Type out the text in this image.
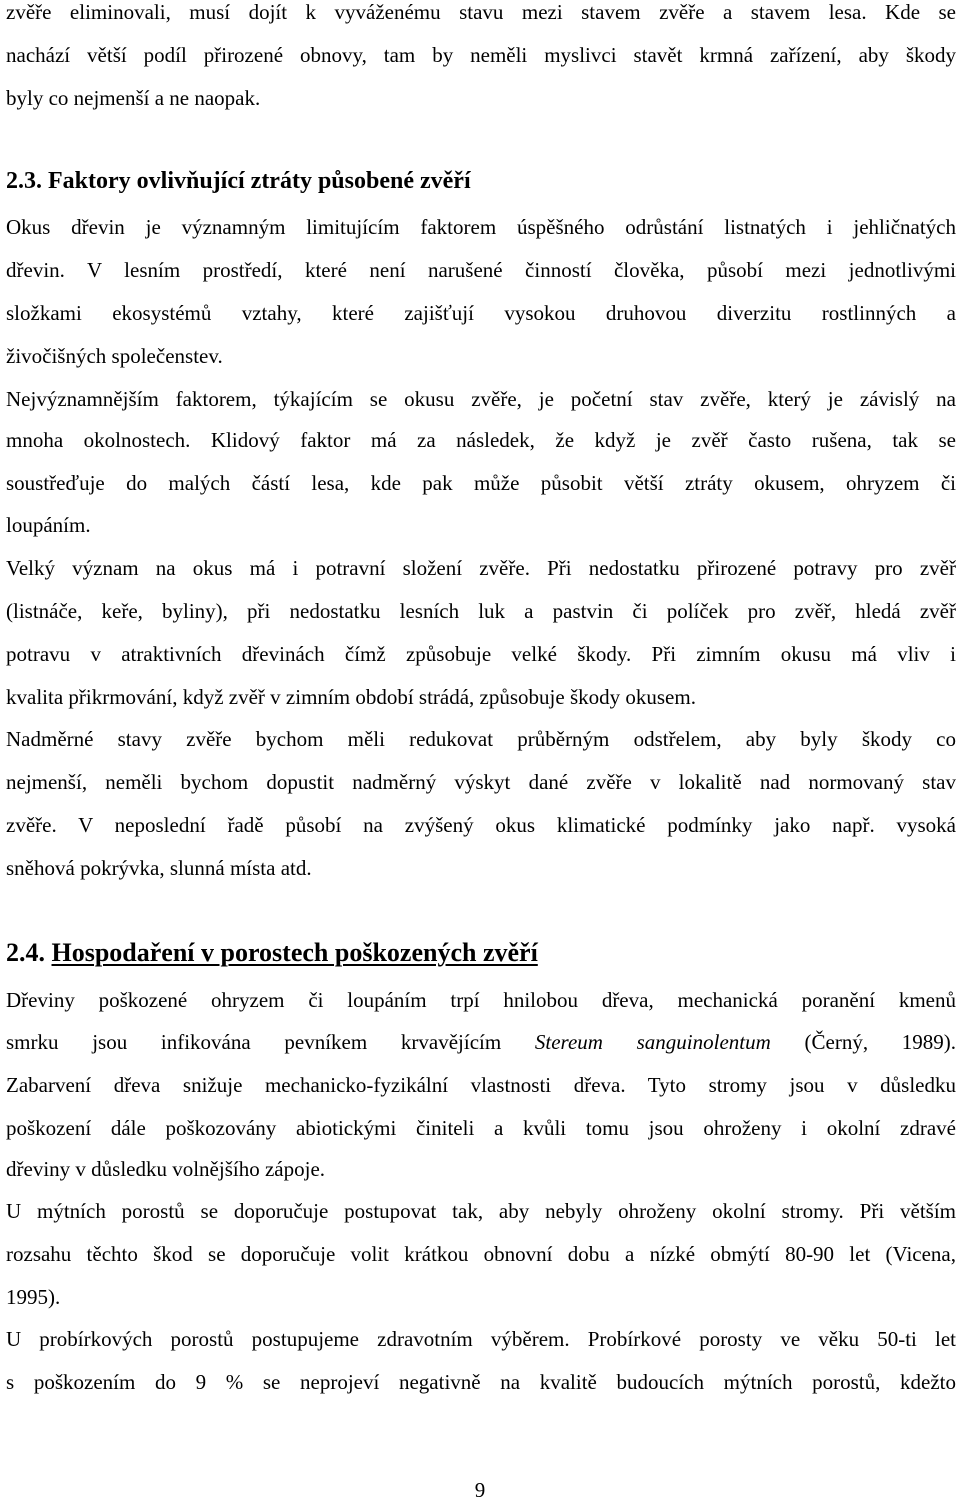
zvěře eliminovali, musí dojít k vyváženému stavu mezi stavem zvěře a stavem lesa. Kde se
nachází větší podíl přirozené obnovy, tam by neměli myslivci stavět krmná zařízení, aby škody
byly co nejmenší a ne naopak.
2.3. Faktory ovlivňující ztráty působené zvěří
Okus dřevin je významným limitujícím faktorem úspěšného odrůstání listnatých i jehličnatých
dřevin. V lesním prostředí, které není narušené činností člověka, působí mezi jednotlivými
složkami ekosystémů vztahy, které zajišťují vysokou druhovou diverzitu rostlinných a
živočišných společenstev.
Nejvýznamnějším faktorem, týkajícím se okusu zvěře, je početní stav zvěře, který je závislý na
mnoha okolnostech. Klidový faktor má za následek, že když je zvěř často rušena, tak se
soustřeďuje do malých částí lesa, kde pak může působit větší ztráty okusem, ohryzem či
loupáním.
Velký význam na okus má i potravní složení zvěře. Při nedostatku přirozené potravy pro zvěř
(listnáče, keře, byliny), při nedostatku lesních luk a pastvin či políček pro zvěř, hledá zvěř
potravu v atraktivních dřevinách čímž způsobuje velké škody. Při zimním okusu má vliv i
kvalita přikrmování, když zvěř v zimním období strádá, způsobuje škody okusem.
Nadměrné stavy zvěře bychom měli redukovat průběrným odstřelem, aby byly škody co
nejmenší, neměli bychom dopustit nadměrný výskyt dané zvěře v lokalitě nad normovaný stav
zvěře. V neposlední řadě působí na zvýšený okus klimatické podmínky jako např. vysoká
sněhová pokrývka, slunná místa atd.
2.4. Hospodaření v porostech poškozených zvěří
Dřeviny poškozené ohryzem či loupáním trpí hnilobou dřeva, mechanická poranění kmenů
smrku jsou infikována pevníkem krvavějícím Stereum sanguinolentum (Černý, 1989).
Zabarvení dřeva snižuje mechanicko-fyzikální vlastnosti dřeva. Tyto stromy jsou v důsledku
poškození dále poškozovány abiotickými činiteli a kvůli tomu jsou ohroženy i okolní zdravé
dřeviny v důsledku volnějšího zápoje.
U mýtních porostů se doporučuje postupovat tak, aby nebyly ohroženy okolní stromy. Při větším
rozsahu těchto škod se doporučuje volit krátkou obnovní dobu a nízké obmýtí 80-90 let (Vicena,
1995).
U probírkových porostů postupujeme zdravotním výběrem. Probírkové porosty ve věku 50-ti let
s poškozením do 9 % se neprojeví negativně na kvalitě budoucích mýtních porostů, kdežto
9
